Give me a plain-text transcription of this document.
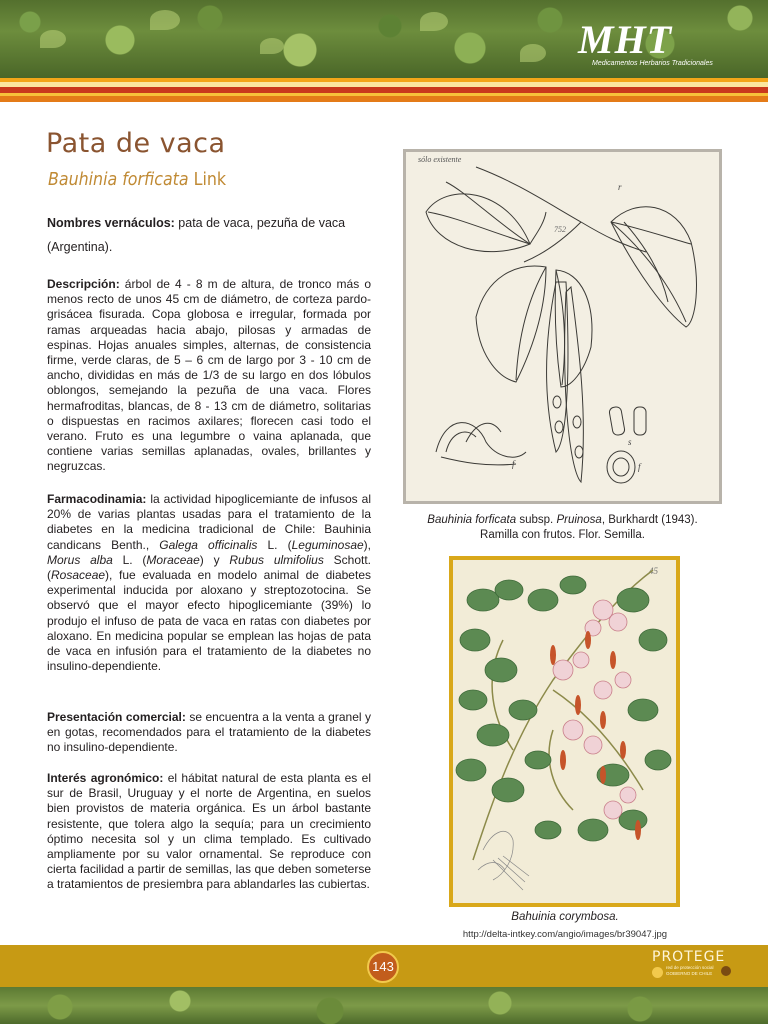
MHT
Medicamentos Herbarios Tradicionales
Pata de vaca
Bauhinia forficata Link
Nombres vernáculos: pata de vaca, pezuña de vaca (Argentina).
Descripción: árbol de 4 - 8 m de altura, de tronco más o menos recto de unos 45 cm de diámetro, de corteza pardo-grisácea fisurada. Copa globosa e irregular, formada por ramas arqueadas hacia abajo, pilosas y armadas de espinas. Hojas anuales simples, alternas, de consistencia firme, verde claras, de 5 – 6 cm de largo por 3 - 10 cm de ancho, divididas en más de 1/3 de su largo en dos lóbulos oblongos, semejando la pezuña de una vaca. Flores hermafroditas, blancas, de 8 - 13 cm de diámetro, solitarias o dispuestas en racimos axilares; florecen casi todo el verano. Fruto es una legumbre o vaina aplanada, que contiene varias semillas aplanadas, ovales, brillantes y negruzcas.
Farmacodinamia: la actividad hipoglicemiante de infusos al 20% de varias plantas usadas para el tratamiento de la diabetes en la medicina tradicional de Chile: Bauhinia candicans Benth., Galega officinalis L. (Leguminosae), Morus alba L. (Moraceae) y Rubus ulmifolius Schott. (Rosaceae), fue evaluada en modelo animal de diabetes experimental inducida por aloxano y streptozotocina. Se observó que el mayor efecto hipoglicemiante (39%) lo produjo el infuso de pata de vaca en ratas con diabetes por aloxano. En medicina popular se emplean las hojas de pata de vaca en infusión para el tratamiento de la diabetes no insulino-dependiente.
Presentación comercial: se encuentra a la venta a granel y en gotas, recomendados para el tratamiento de la diabetes no insulino-dependiente.
Interés agronómico: el hábitat natural de esta planta es el sur de Brasil, Uruguay y el norte de Argentina, en suelos bien provistos de materia orgánica. Es un árbol bastante resistente, que tolera algo la sequía; para un crecimiento óptimo necesita sol y un clima templado. Es cultivado ampliamente por su valor ornamental. Se reproduce con cierta facilidad a partir de semillas, las que deben someterse a tratamientos de presiembra para ablandarles las cubiertas.
sólo existente
752
r
f
s
f
Bauhinia forficata subsp. Pruinosa, Burkhardt (1943).
Ramilla con frutos. Flor. Semilla.
45
Bahuinia corymbosa.
http://delta-intkey.com/angio/images/br39047.jpg
143
PROTEGE
red de protección social GOBIERNO DE CHILE
